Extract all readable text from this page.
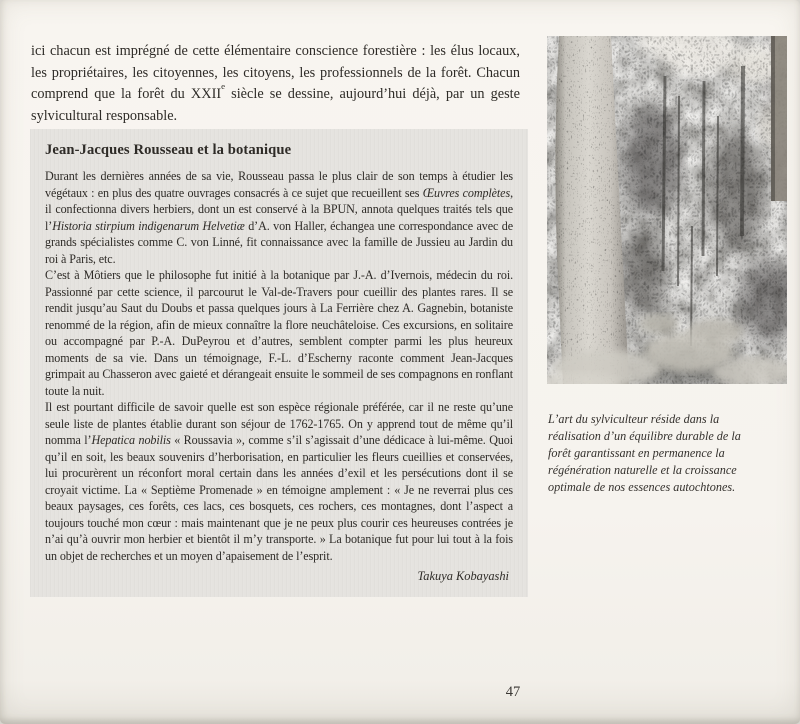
ici chacun est imprégné de cette élémentaire conscience forestière : les élus locaux, les propriétaires, les citoyennes, les citoyens, les professionnels de la forêt. Chacun comprend que la forêt du XXIIe siècle se dessine, aujourd’hui déjà, par un geste sylvicultural responsable.

Jean-Jacques Rousseau et la botanique

Durant les dernières années de sa vie, Rousseau passa le plus clair de son temps à étudier les végétaux : en plus des quatre ouvrages consacrés à ce sujet que recueillent ses Œuvres complètes, il confectionna divers herbiers, dont un est conservé à la BPUN, annota quelques traités tels que l’Historia stirpium indigenarum Helvetiæ d’A. von Haller, échangea une correspondance avec de grands spécialistes comme C. von Linné, fit connaissance avec la famille de Jussieu au Jardin du roi à Paris, etc.

C’est à Môtiers que le philosophe fut initié à la botanique par J.-A. d’Ivernois, médecin du roi. Passionné par cette science, il parcourut le Val-de-Travers pour cueillir des plantes rares. Il se rendit jusqu’au Saut du Doubs et passa quelques jours à La Ferrière chez A. Gagnebin, botaniste renommé de la région, afin de mieux connaître la flore neuchâteloise. Ces excursions, en solitaire ou accompagné par P.-A. DuPeyrou et d’autres, semblent compter parmi les plus heureux moments de sa vie. Dans un témoignage, F.-L. d’Escherny raconte comment Jean-Jacques grimpait au Chasseron avec gaieté et dérangeait ensuite le sommeil de ses compagnons en ronflant toute la nuit.

Il est pourtant difficile de savoir quelle est son espèce régionale préférée, car il ne reste qu’une seule liste de plantes établie durant son séjour de 1762-1765. On y apprend tout de même qu’il nomma l’Hepatica nobilis « Roussavia », comme s’il s’agissait d’une dédicace à lui-même. Quoi qu’il en soit, les beaux souvenirs d’herborisation, en particulier les fleurs cueillies et conservées, lui procurèrent un réconfort moral certain dans les années d’exil et les persécutions dont il se croyait victime. La « Septième Promenade » en témoigne amplement : « Je ne reverrai plus ces beaux paysages, ces forêts, ces lacs, ces bosquets, ces rochers, ces montagnes, dont l’aspect a toujours touché mon cœur : mais maintenant que je ne peux plus courir ces heureuses contrées je n’ai qu’à ouvrir mon herbier et bientôt il m’y transporte. » La botanique fut pour lui tout à la fois un objet de recherches et un moyen d’apaisement de l’esprit.

Takuya Kobayashi

L’art du sylviculteur réside dans la réalisation d’un équilibre durable de la forêt garantissant en permanence la régénération naturelle et la croissance optimale de nos essences autochtones.

47
